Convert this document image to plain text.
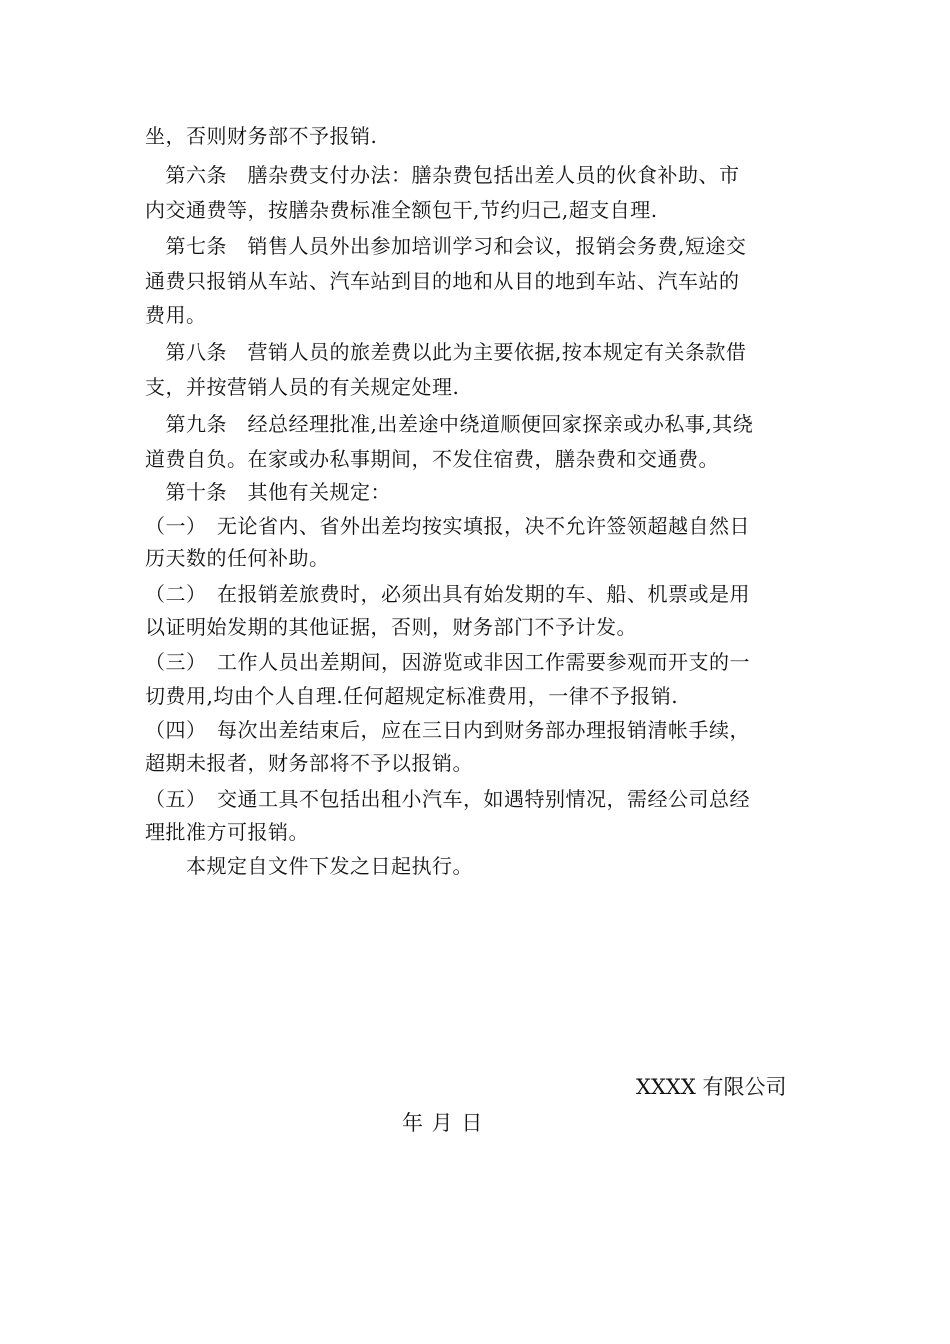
坐，否则财务部不予报销.
　第六条　膳杂费支付办法：膳杂费包括出差人员的伙食补助、市
内交通费等，按膳杂费标准全额包干,节约归己,超支自理.
　第七条　销售人员外出参加培训学习和会议，报销会务费,短途交
通费只报销从车站、汽车站到目的地和从目的地到车站、汽车站的
费用。
　第八条　营销人员的旅差费以此为主要依据,按本规定有关条款借
支，并按营销人员的有关规定处理.
　第九条　经总经理批准,出差途中绕道顺便回家探亲或办私事,其绕
道费自负。在家或办私事期间，不发住宿费，膳杂费和交通费。
　第十条　其他有关规定：
（一）　无论省内、省外出差均按实填报，决不允许签领超越自然日
历天数的任何补助。
（二）　在报销差旅费时，必须出具有始发期的车、船、机票或是用
以证明始发期的其他证据，否则，财务部门不予计发。
（三）　工作人员出差期间，因游览或非因工作需要参观而开支的一
切费用,均由个人自理.任何超规定标准费用，一律不予报销.
（四）　每次出差结束后，应在三日内到财务部办理报销清帐手续，
超期未报者，财务部将不予以报销。
（五）　交通工具不包括出租小汽车，如遇特别情况，需经公司总经
理批准方可报销。
　　本规定自文件下发之日起执行。
XXXX 有限公司
年 月 日
